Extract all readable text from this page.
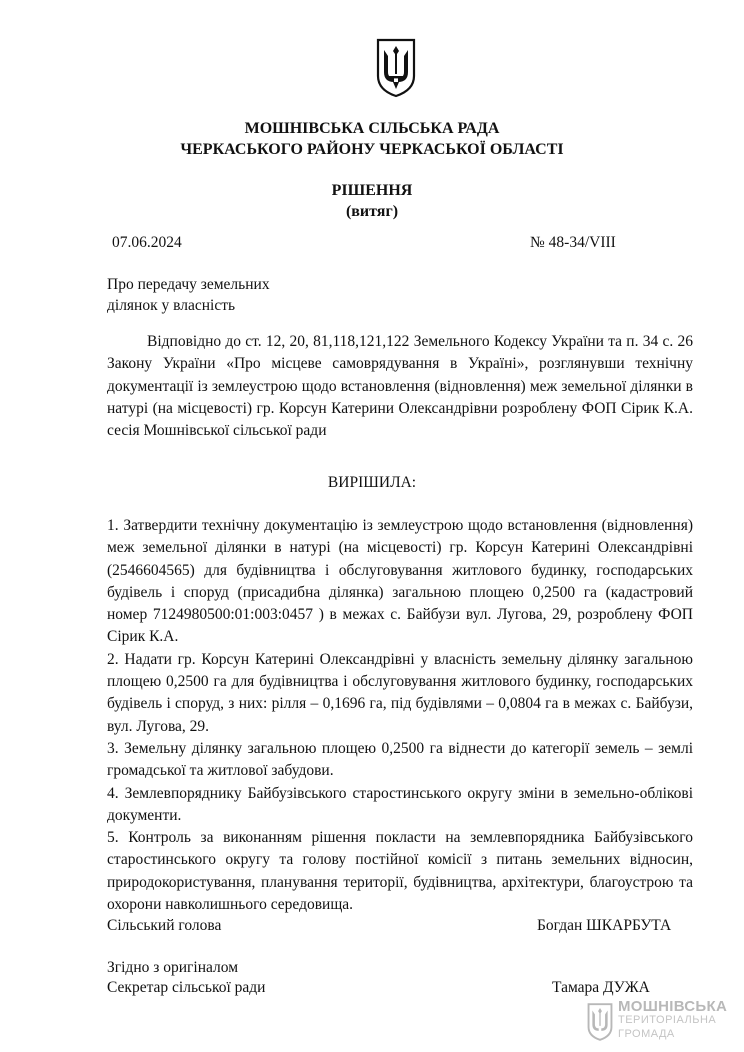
МОШНІВСЬКА СІЛЬСЬКА РАДА
ЧЕРКАСЬКОГО РАЙОНУ ЧЕРКАСЬКОЇ ОБЛАСТІ
РІШЕННЯ
(витяг)
07.06.2024	№ 48-34/VIII
Про передачу земельних
ділянок у власність

Відповідно до ст. 12, 20, 81,118,121,122 Земельного Кодексу України та п. 34 с. 26 Закону України «Про місцеве самоврядування в Україні», розглянувши технічну документації із землеустрою щодо встановлення (відновлення) меж земельної ділянки в натурі (на місцевості) гр. Корсун Катерини Олександрівни розроблену ФОП Сірик К.А. сесія Мошнівської сільської ради

ВИРІШИЛА:

1. Затвердити технічну документацію із землеустрою щодо встановлення (відновлення) меж земельної ділянки в натурі (на місцевості) гр. Корсун Катерині Олександрівні (2546604565) для будівництва і обслуговування житлового будинку, господарських будівель і споруд (присадибна ділянка) загальною площею 0,2500 га (кадастровий номер 7124980500:01:003:0457 ) в межах с. Байбузи вул. Лугова, 29, розроблену ФОП Сірик К.А.

2. Надати гр. Корсун Катерині Олександрівні у власність земельну ділянку загальною площею 0,2500 га для будівництва і обслуговування житлового будинку, господарських будівель і споруд, з них: рілля – 0,1696 га, під будівлями – 0,0804 га в межах с. Байбузи, вул. Лугова, 29.

3. Земельну ділянку загальною площею 0,2500 га віднести до категорії земель – землі громадської та житлової забудови.

4. Землевпорядникy Байбузівського старостинського округу зміни в земельно-облікові документи.

5. Контроль за виконанням рішення покласти на землевпорядника Байбузівського старостинського округу та голову постійної комісії з питань земельних відносин, природокористування, планування території, будівництва, архітектури, благоустрою та охорони навколишнього середовища.

Сільський голова	Богдан ШКАРБУТА
Згідно з оригіналом
Секретар сільської ради	Тамара ДУЖА
МОШНІВСЬКА
ТЕРИТОРІАЛЬНА
ГРОМАДА
